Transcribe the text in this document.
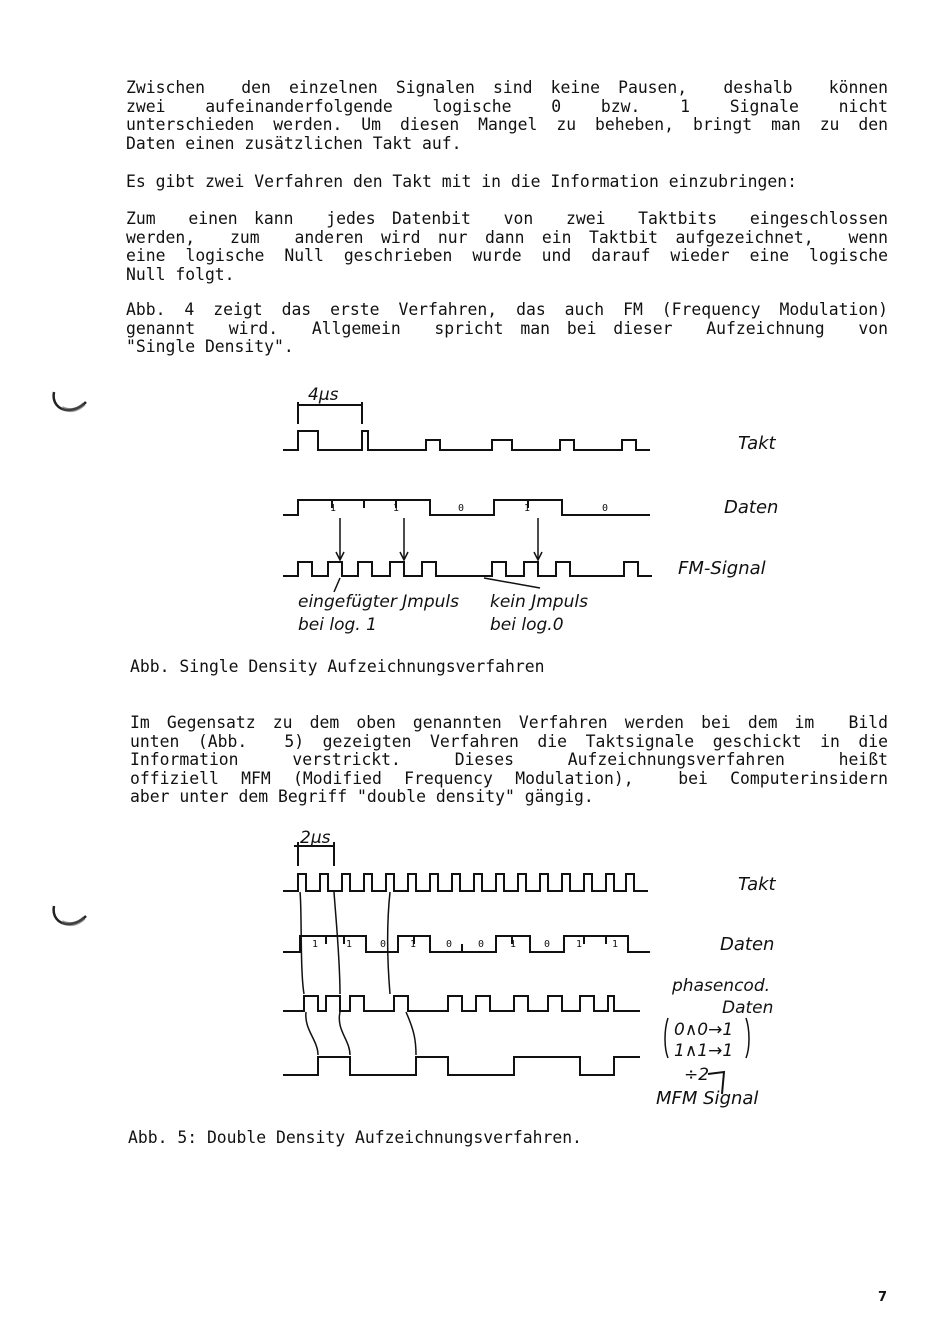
Zwischen  den einzelnen Signalen sind keine Pausen,  deshalb  können
zwei  aufeinanderfolgende  logische  0  bzw.  1  Signale  nicht
unterschieden werden. Um diesen Mangel zu beheben, bringt man zu den
Daten einen zusätzlichen Takt auf.
Es gibt zwei Verfahren den Takt mit in die Information einzubringen:
Zum  einen kann  jedes Datenbit  von  zwei  Taktbits  eingeschlossen
werden,  zum  anderen wird nur dann ein Taktbit aufgezeichnet,  wenn
eine logische Null geschrieben wurde und darauf wieder eine logische
Null folgt.
Abb. 4 zeigt das erste Verfahren, das auch FM (Frequency Modulation)
genannt  wird.  Allgemein  spricht man bei dieser  Aufzeichnung  von
"Single Density".
Im Gegensatz zu dem oben genannten Verfahren werden bei dem im  Bild
unten (Abb.  5) gezeigten Verfahren die Taktsignale geschickt in die
Information  verstrickt.  Dieses  Aufzeichnungsverfahren  heißt
offiziell MFM (Modified Frequency Modulation),  bei Computerinsidern
aber unter dem Begriff "double density" gängig.
Abb. Single Density Aufzeichnungsverfahren
Abb. 5: Double Density Aufzeichnungsverfahren.
7
4µs
Takt
Daten
FM-Signal
1	1	0	1	0
eingefügter Jmpuls
bei log. 1
kein Jmpuls
bei log.0
2µs
Takt
Daten
1	1	0 1	0	0	1	0	1	1
phasencod.
Daten
0∧0→1
1∧1→1
÷2
MFM Signal
